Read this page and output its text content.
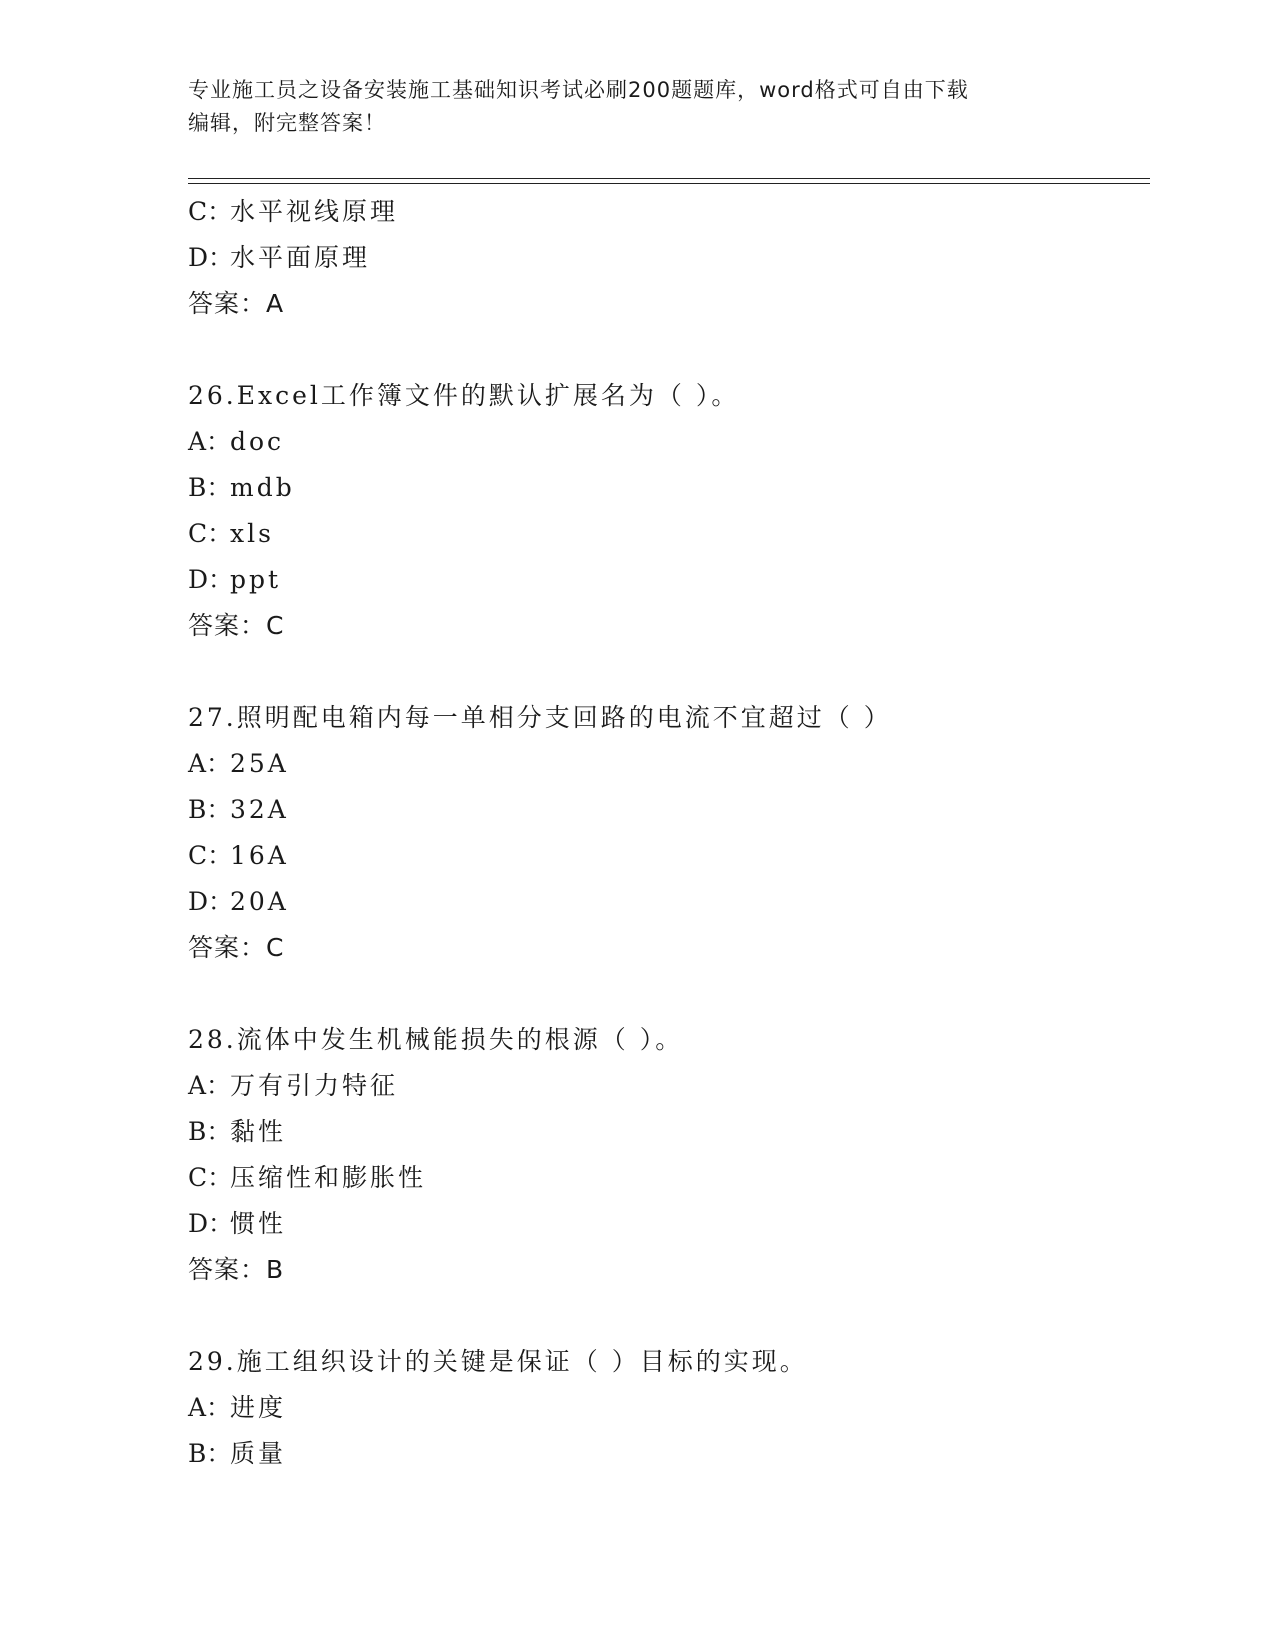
专业施工员之设备安装施工基础知识考试必刷200题题库，word格式可自由下载
编辑，附完整答案！
C：水平视线原理
D：水平面原理
答案：A
26.Excel工作簿文件的默认扩展名为（ ）。
A：doc
B：mdb
C：xls
D：ppt
答案：C
27.照明配电箱内每一单相分支回路的电流不宜超过（ ）
A：25A
B：32A
C：16A
D：20A
答案：C
28.流体中发生机械能损失的根源（ ）。
A：万有引力特征
B：黏性
C：压缩性和膨胀性
D：惯性
答案：B
29.施工组织设计的关键是保证（ ）目标的实现。
A：进度
B：质量
